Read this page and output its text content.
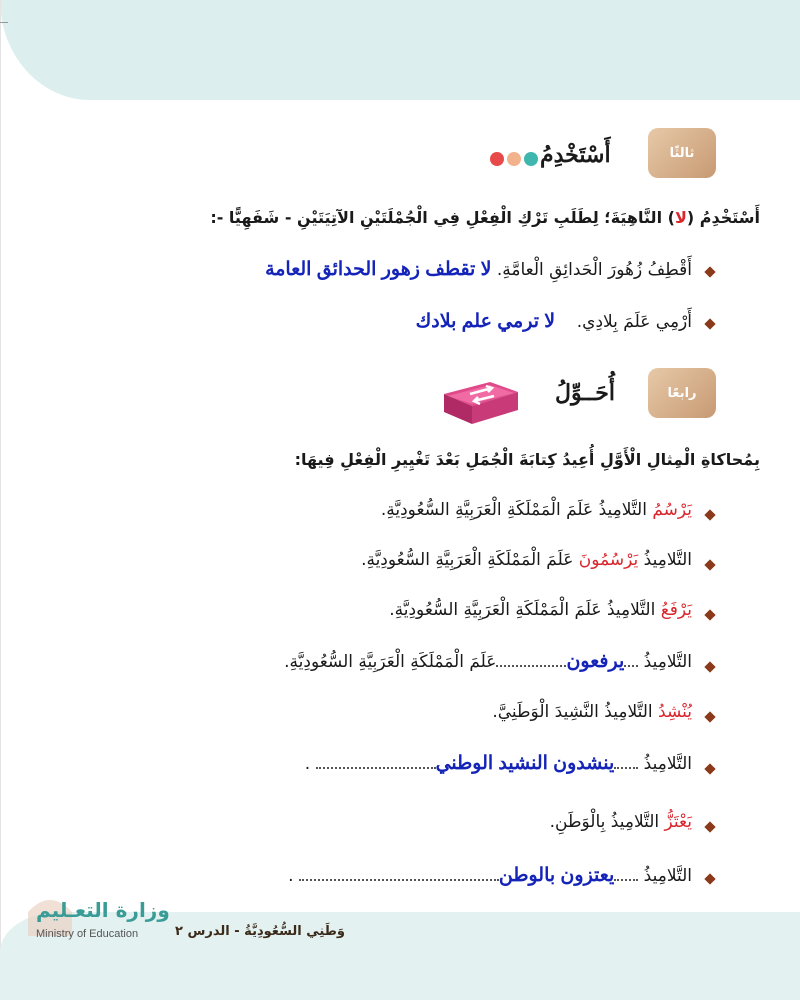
ثالثًا
أَسْتَخْدِمُ
أَسْتَخْدِمُ (لا) النَّاهِيَةَ؛ لِطَلَبِ تَرْكِ الْفِعْلِ فِي الْجُمْلَتَيْنِ الآتِيَتَيْنِ - شَفَهِيًّا -:
أَقْطِفُ زُهُورَ الْحَدائِقِ الْعامَّةِ. لا تقطف زهور الحدائق العامة
أَرْمِي عَلَمَ بِلادِي.    لا ترمي علم بلادك
رابعًا
أُحَــوِّلُ
بِمُحاكاةِ الْمِثالِ الْأَوَّلِ أُعِيدُ كِتابَةَ الْجُمَلِ بَعْدَ تَغْيِيرِ الْفِعْلِ فِيهَا:
يَرْسُمُ التَّلامِيذُ عَلَمَ الْمَمْلَكَةِ الْعَرَبِيَّةِ السُّعُودِيَّةِ.
التَّلامِيذُ يَرْسُمُونَ عَلَمَ الْمَمْلَكَةِ الْعَرَبِيَّةِ السُّعُودِيَّةِ.
يَرْفَعُ التَّلامِيذُ عَلَمَ الْمَمْلَكَةِ الْعَرَبِيَّةِ السُّعُودِيَّةِ.
التَّلامِيذُ يرفعونعَلَمَ الْمَمْلَكَةِ الْعَرَبِيَّةِ السُّعُودِيَّةِ.
يُنْشِدُ التَّلامِيذُ النَّشِيدَ الْوَطَنِيَّ.
التَّلامِيذُ ينشدون النشيد الوطني .
يَعْتَزُّ التَّلامِيذُ بِالْوَطَنِ.
التَّلامِيذُ يعتزون بالوطن .
وزارة التعـليم
Ministry of Education	وَطَنِي السُّعُودِيَّةُ - الدرس ٢
